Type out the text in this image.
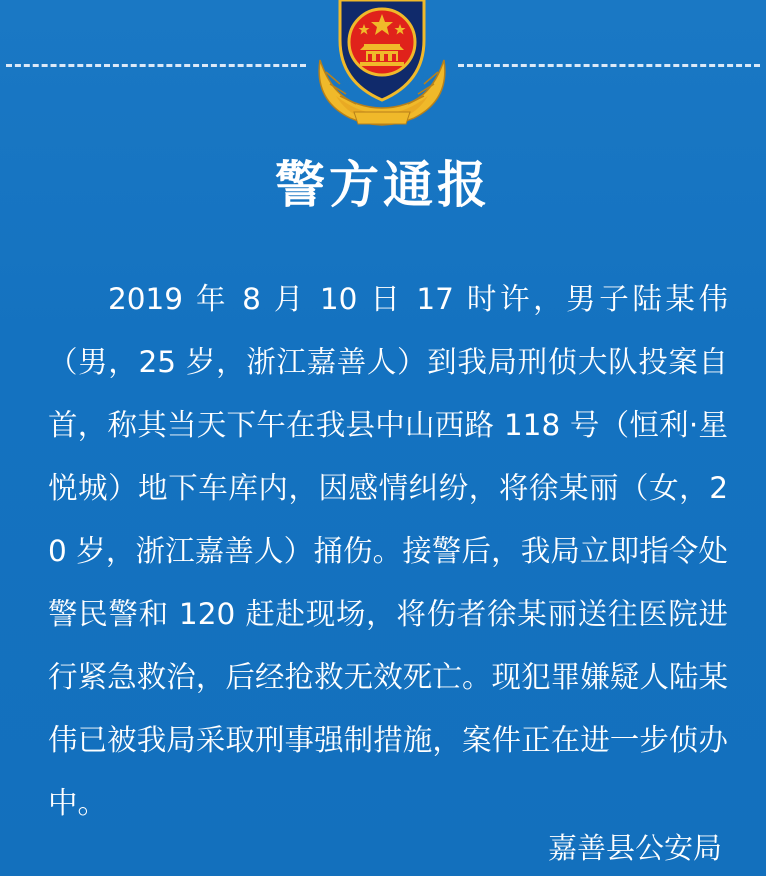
警方通报
2019 年 8 月 10 日 17 时许，男子陆某伟（男，25 岁，浙江嘉善人）到我局刑侦大队投案自首，称其当天下午在我县中山西路 118 号（恒利·星悦城）地下车库内，因感情纠纷，将徐某丽（女，20 岁，浙江嘉善人）捅伤。接警后，我局立即指令处警民警和 120 赶赴现场，将伤者徐某丽送往医院进行紧急救治，后经抢救无效死亡。现犯罪嫌疑人陆某伟已被我局采取刑事强制措施，案件正在进一步侦办中。
嘉善县公安局
